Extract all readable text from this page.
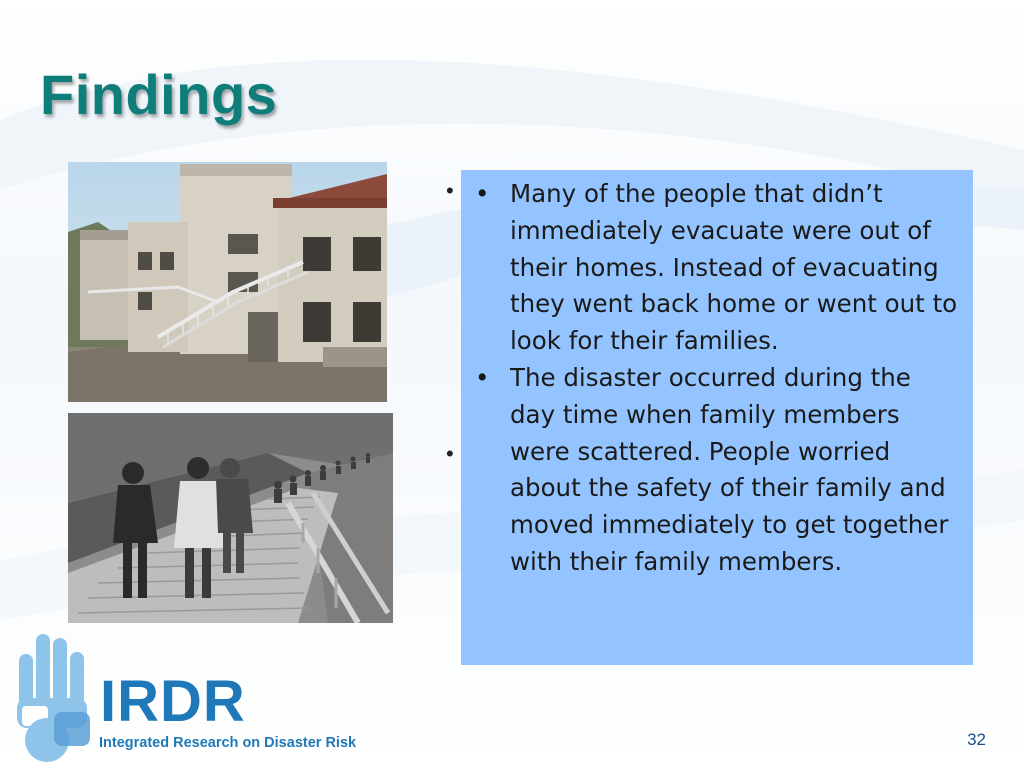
Findings
•
•
• Many of the people that didn’t immediately evacuate were out of their homes. Instead of evacuating they went back home or went out to look for their families.
• The disaster occurred during the day time when family members were scattered. People worried about the safety of their family and moved immediately to get together with their family members.
IRDR
Integrated Research on Disaster Risk	32
